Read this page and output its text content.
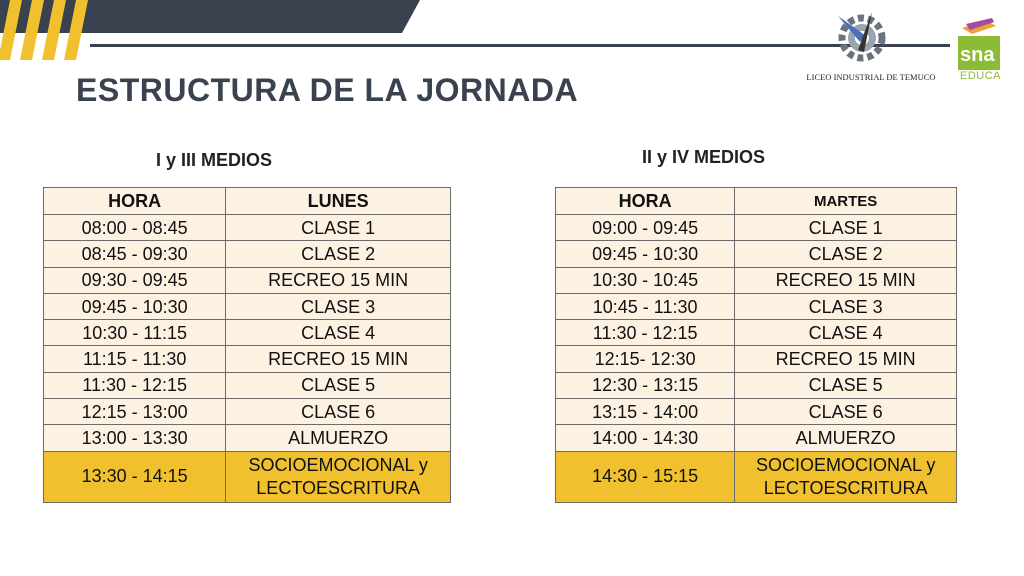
ESTRUCTURA DE LA JORNADA	LICEO INDUSTRIAL DE TEMUCO
sna
EDUCA
I y III MEDIOS	II y IV MEDIOS
HORA	LUNES
08:00 - 08:45	CLASE 1
08:45 - 09:30	CLASE 2
09:30 - 09:45	RECREO 15 MIN
09:45 - 10:30	CLASE 3
10:30 - 11:15	CLASE 4
11:15 - 11:30	RECREO 15 MIN
11:30 - 12:15	CLASE 5
12:15 - 13:00	CLASE 6
13:00 - 13:30	ALMUERZO
13:30 - 14:15	SOCIOEMOCIONAL y
LECTOESCRITURA
HORA	MARTES
09:00 - 09:45	CLASE 1
09:45 - 10:30	CLASE 2
10:30 - 10:45	RECREO 15 MIN
10:45 - 11:30	CLASE 3
11:30 - 12:15	CLASE 4
12:15- 12:30	RECREO 15 MIN
12:30 - 13:15	CLASE 5
13:15 - 14:00	CLASE 6
14:00 - 14:30	ALMUERZO
14:30 - 15:15	SOCIOEMOCIONAL y
LECTOESCRITURA
